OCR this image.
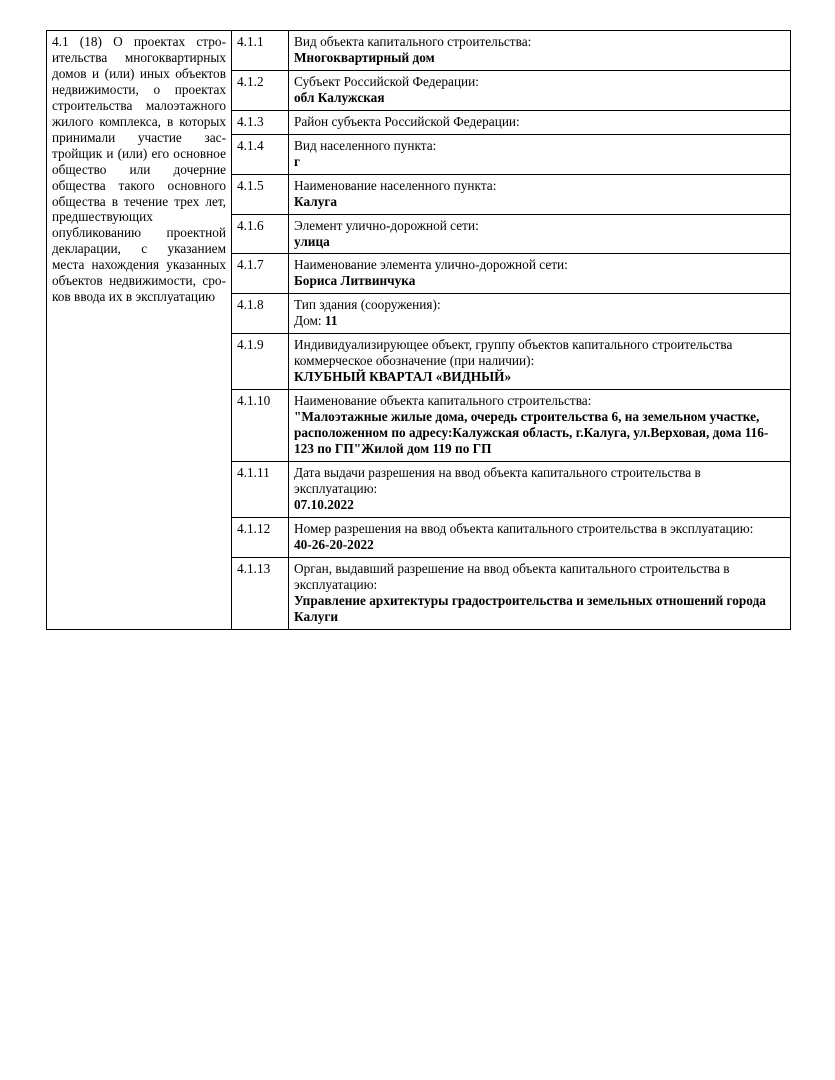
4.1 (18) О проектах строительства многоквартирных домов и (или) иных объектов недвижимости, о проектах строительства малоэтажного жилого комплекса, в которых принимали участие застройщик и (или) его основное общество или дочерние общества такого основного общества в течение трех лет, предшествующих опубликованию проектной декларации, с указанием места нахождения указанных объектов недвижимости, сроков ввода их в эксплуатацию	4.1.1	Вид объекта капитального строительства:
Многоквартирный дом

	4.1.2	Субъект Российской Федерации:
обл Калужская

	4.1.3	Район субъекта Российской Федерации:

	4.1.4	Вид населенного пункта:
г

	4.1.5	Наименование населенного пункта:
Калуга

	4.1.6	Элемент улично-дорожной сети:
улица

	4.1.7	Наименование элемента улично-дорожной сети:
Бориса Литвинчука

	4.1.8	Тип здания (сооружения):
Дом: 11

	4.1.9	Индивидуализирующее объект, группу объектов капитального строительства коммерческое обозначение (при наличии):
КЛУБНЫЙ КВАРТАЛ «ВИДНЫЙ»

	4.1.10	Наименование объекта капитального строительства:
"Малоэтажные жилые дома, очередь строительства 6, на земельном участке, расположенном по адресу:Калужская область, г.Калуга, ул.Верховая, дома 116-123 по ГП"Жилой дом 119 по ГП

	4.1.11	Дата выдачи разрешения на ввод объекта капитального строительства в эксплуатацию:
07.10.2022

	4.1.12	Номер разрешения на ввод объекта капитального строительства в эксплуатацию:
40-26-20-2022

	4.1.13	Орган, выдавший разрешение на ввод объекта капитального строительства в эксплуатацию:
Управление архитектуры градостроительства и земельных отношений города Калуги
